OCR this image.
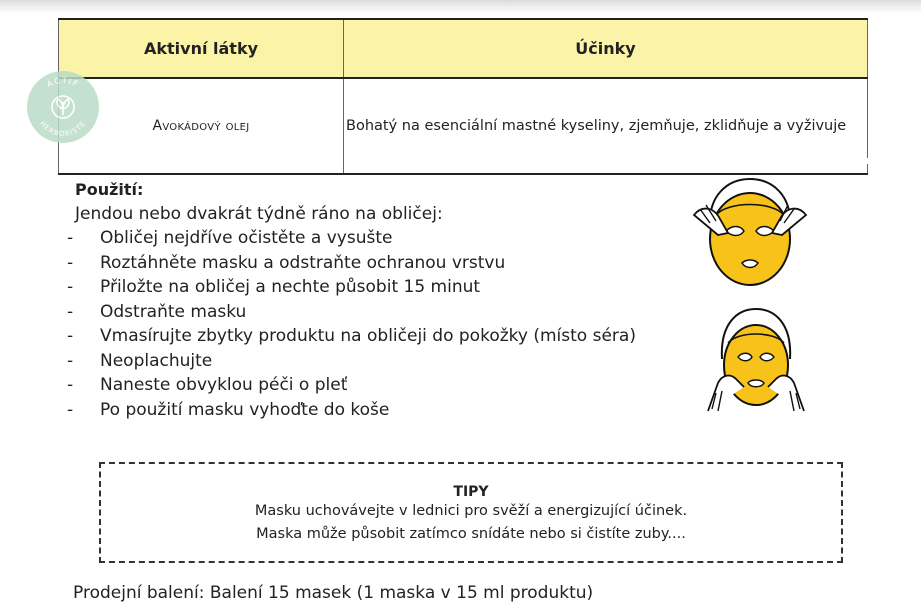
Aktivní látky	Účinky
Avokádový olej	Bohatý na esenciální mastné kyseliny, zjemňuje, zklidňuje a vyživuje
ACTIF
HERBORISTE
Použití:
Jendou nebo dvakrát týdně ráno na obličej:
- Obličej nejdříve očistěte a vysušte
- Roztáhněte masku a odstraňte ochranou vrstvu
- Přiložte na obličej a nechte působit 15 minut
- Odstraňte masku
- Vmasírujte zbytky produktu na obličeji do pokožky (místo séra)
- Neoplachujte
- Naneste obvyklou péči o pleť
- Po použití masku vyhoďte do koše
TIPY
Masku uchovávejte v lednici pro svěží a energizující účinek.
Maska může působit zatímco snídáte nebo si čistíte zuby....
Prodejní balení: Balení 15 masek (1 maska v 15 ml produktu)
